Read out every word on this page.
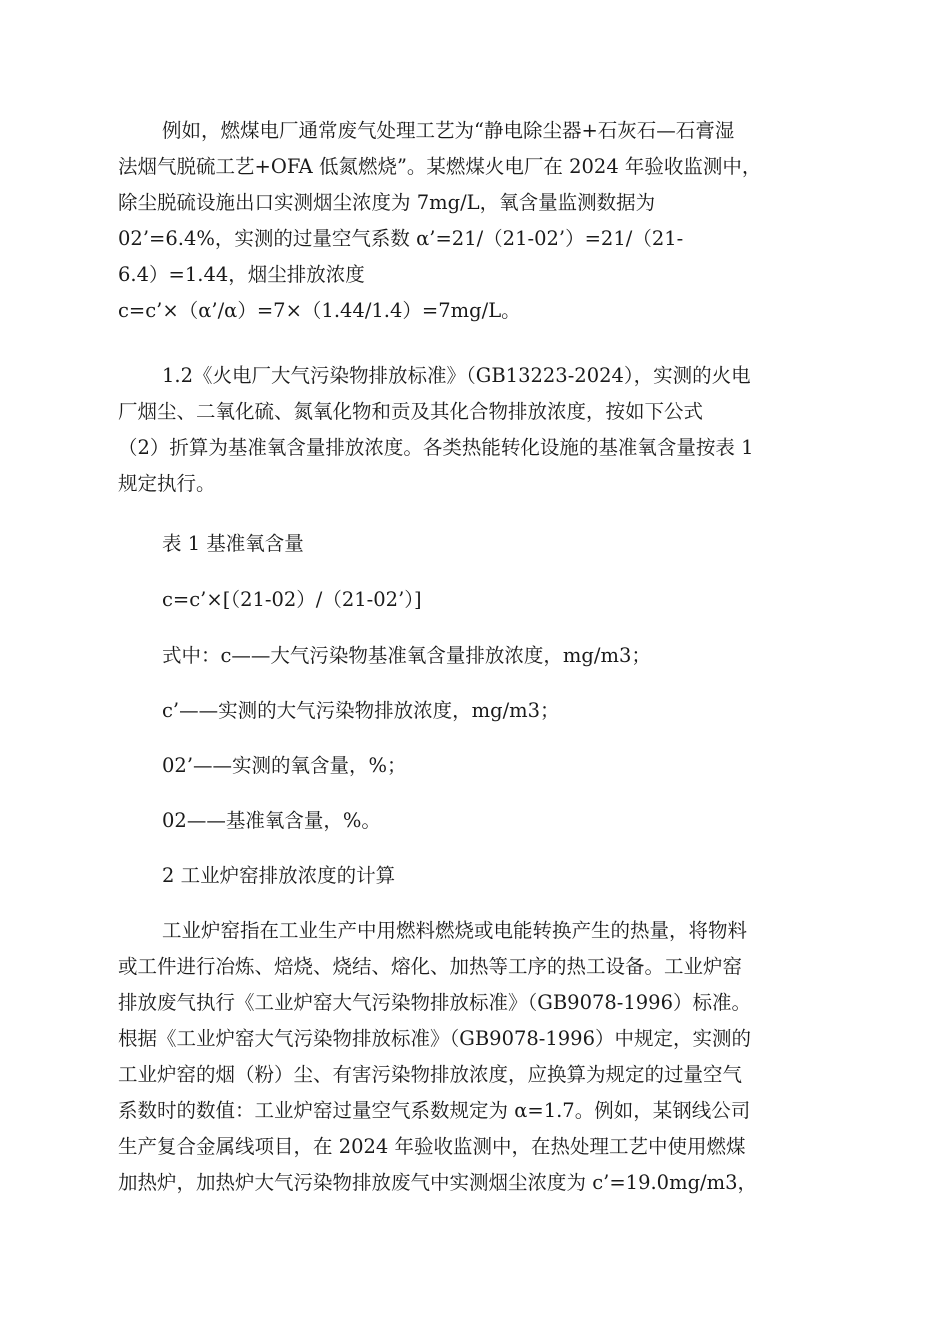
例如，燃煤电厂通常废气处理工艺为“静电除尘器+石灰石—石膏湿
法烟气脱硫工艺+OFA 低氮燃烧”。某燃煤火电厂在 2024 年验收监测中，
除尘脱硫设施出口实测烟尘浓度为 7mg/L，氧含量监测数据为
02’=6.4%，实测的过量空气系数 α’=21/（21-02’）=21/（21-
6.4）=1.44，烟尘排放浓度
c=c’×（α’/α）=7×（1.44/1.4）=7mg/L。
1.2《火电厂大气污染物排放标准》（GB13223-2024），实测的火电
厂烟尘、二氧化硫、氮氧化物和贡及其化合物排放浓度，按如下公式
（2）折算为基准氧含量排放浓度。各类热能转化设施的基准氧含量按表 1
规定执行。
表 1 基准氧含量
c=c’×[（21-02）/（21-02’）]
式中：c——大气污染物基准氧含量排放浓度，mg/m3；
c’——实测的大气污染物排放浓度，mg/m3；
02’——实测的氧含量，%；
02——基准氧含量，%。
2 工业炉窑排放浓度的计算
工业炉窑指在工业生产中用燃料燃烧或电能转换产生的热量，将物料
或工件进行冶炼、焙烧、烧结、熔化、加热等工序的热工设备。工业炉窑
排放废气执行《工业炉窑大气污染物排放标准》（GB9078-1996）标准。
根据《工业炉窑大气污染物排放标准》（GB9078-1996）中规定，实测的
工业炉窑的烟（粉）尘、有害污染物排放浓度，应换算为规定的过量空气
系数时的数值：工业炉窑过量空气系数规定为 α=1.7。例如，某钢线公司
生产复合金属线项目，在 2024 年验收监测中，在热处理工艺中使用燃煤
加热炉，加热炉大气污染物排放废气中实测烟尘浓度为 c’=19.0mg/m3，
